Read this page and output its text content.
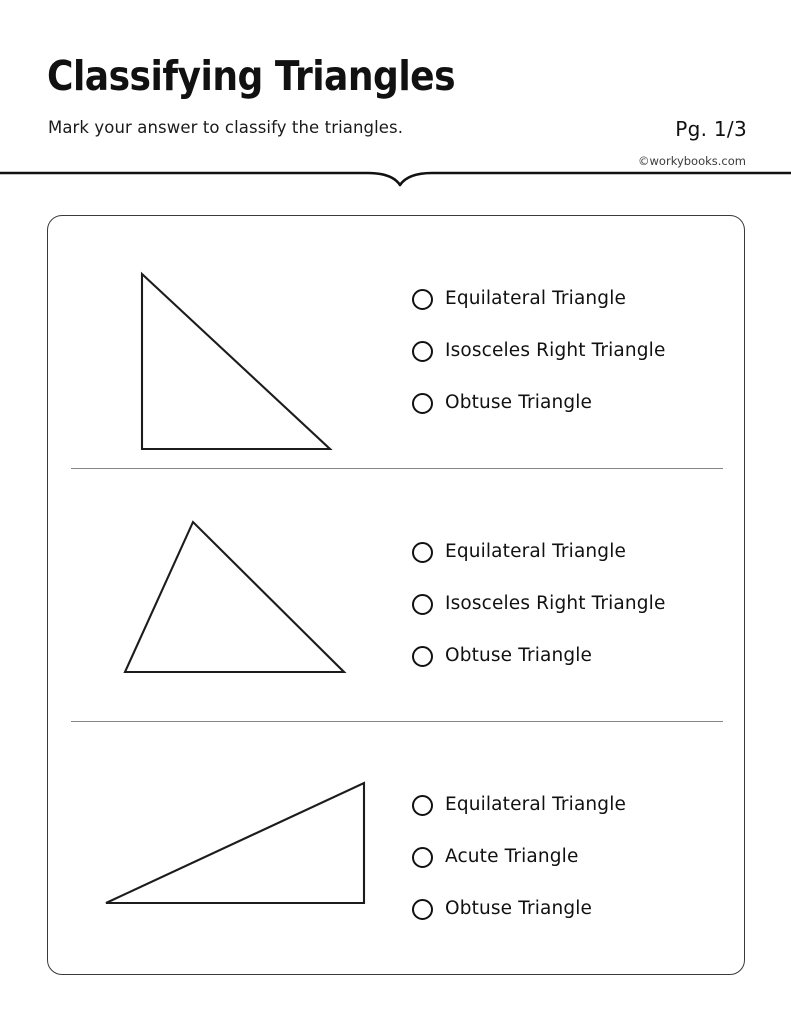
Classifying Triangles
Mark your answer to classify the triangles.	Pg. 1/3
©workybooks.com
Equilateral Triangle
Isosceles Right Triangle
Obtuse Triangle
Equilateral Triangle
Isosceles Right Triangle
Obtuse Triangle
Equilateral Triangle
Acute Triangle
Obtuse Triangle
